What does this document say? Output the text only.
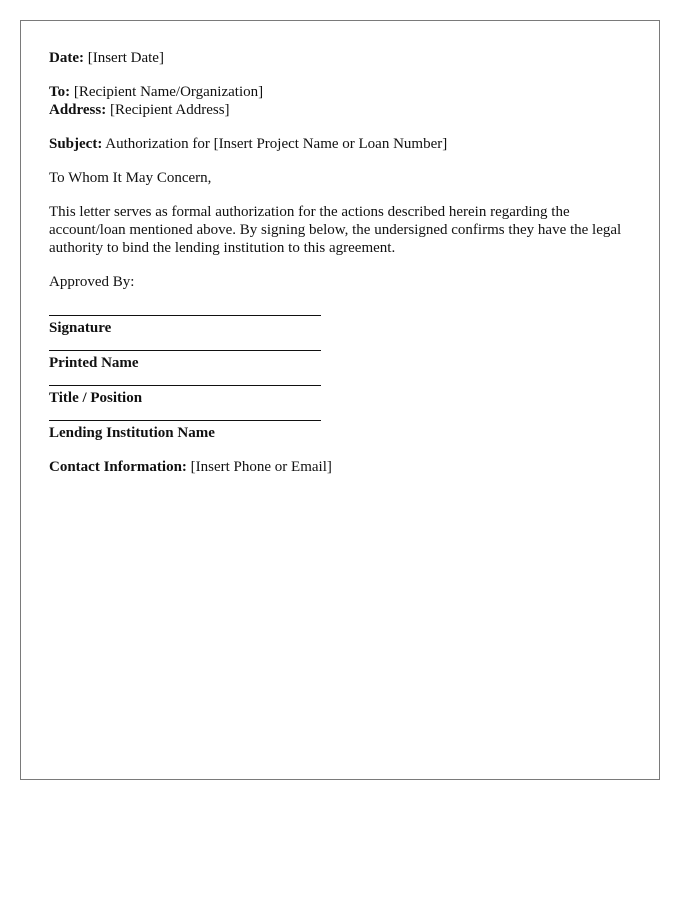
Date: [Insert Date]

To: [Recipient Name/Organization]

Address: [Recipient Address]

Subject: Authorization for [Insert Project Name or Loan Number]

To Whom It May Concern,

This letter serves as formal authorization for the actions described herein regarding the account/loan mentioned above. By signing below, the undersigned confirms they have the legal authority to bind the lending institution to this agreement.

Approved By:

Signature
Printed Name
Title / Position
Lending Institution Name

Contact Information: [Insert Phone or Email]
